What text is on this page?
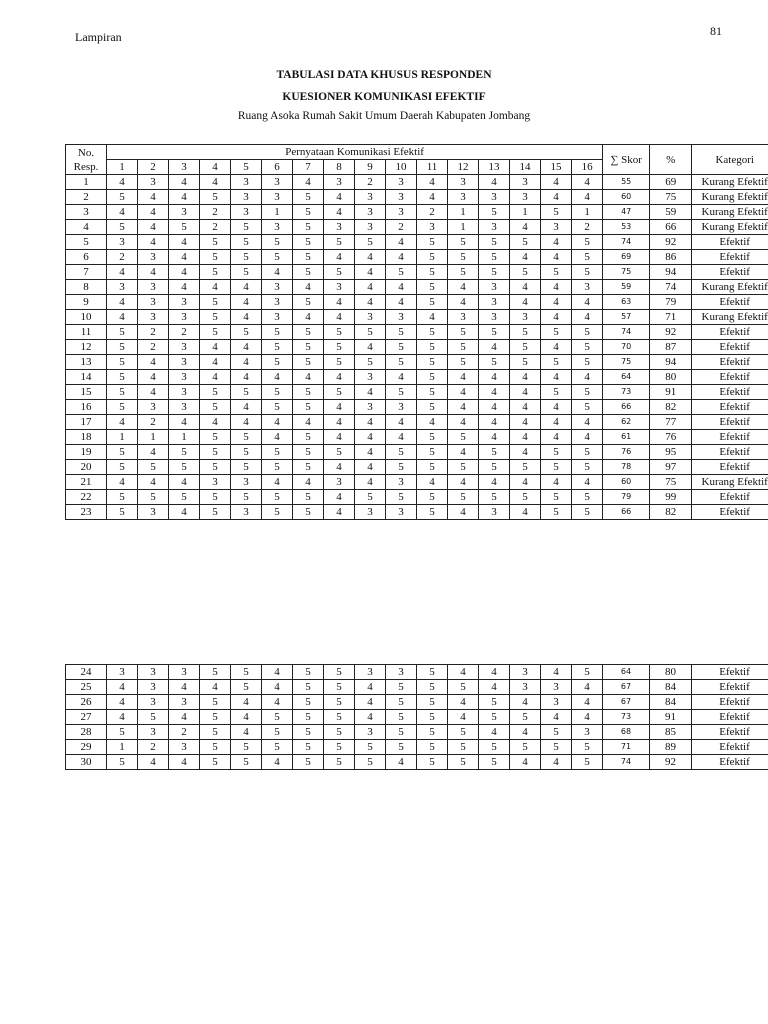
Lampiran	81
TABULASI DATA KHUSUS RESPONDEN
KUESIONER KOMUNIKASI EFEKTIF
Ruang Asoka Rumah Sakit Umum Daerah Kabupaten Jombang
No.
Resp.	Pernyataan Komunikasi Efektif																∑ Skor	%	Kategori
	1	2	3	4	5	6	7	8	9	10	11	12	13	14	15	16			
1	4	3	4	4	3	3	4	3	2	3	4	3	4	3	4	4	55	69	Kurang Efektif
2	5	4	4	5	3	3	5	4	3	3	4	3	3	3	4	4	60	75	Kurang Efektif
3	4	4	3	2	3	1	5	4	3	3	2	1	5	1	5	1	47	59	Kurang Efektif
4	5	4	5	2	5	3	5	3	3	2	3	1	3	4	3	2	53	66	Kurang Efektif
5	3	4	4	5	5	5	5	5	5	4	5	5	5	5	4	5	74	92	Efektif
6	2	3	4	5	5	5	5	4	4	4	5	5	5	4	4	5	69	86	Efektif
7	4	4	4	5	5	4	5	5	4	5	5	5	5	5	5	5	75	94	Efektif
8	3	3	4	4	4	3	4	3	4	4	5	4	3	4	4	3	59	74	Kurang Efektif
9	4	3	3	5	4	3	5	4	4	4	5	4	3	4	4	4	63	79	Efektif
10	4	3	3	5	4	3	4	4	3	3	4	3	3	3	4	4	57	71	Kurang Efektif
11	5	2	2	5	5	5	5	5	5	5	5	5	5	5	5	5	74	92	Efektif
12	5	2	3	4	4	5	5	5	4	5	5	5	4	5	4	5	70	87	Efektif
13	5	4	3	4	4	5	5	5	5	5	5	5	5	5	5	5	75	94	Efektif
14	5	4	3	4	4	4	4	4	3	4	5	4	4	4	4	4	64	80	Efektif
15	5	4	3	5	5	5	5	5	4	5	5	4	4	4	5	5	73	91	Efektif
16	5	3	3	5	4	5	5	4	3	3	5	4	4	4	4	5	66	82	Efektif
17	4	2	4	4	4	4	4	4	4	4	4	4	4	4	4	4	62	77	Efektif
18	1	1	1	5	5	4	5	4	4	4	5	5	4	4	4	4	61	76	Efektif
19	5	4	5	5	5	5	5	5	4	5	5	4	5	4	5	5	76	95	Efektif
20	5	5	5	5	5	5	5	4	4	5	5	5	5	5	5	5	78	97	Efektif
21	4	4	4	3	3	4	4	3	4	3	4	4	4	4	4	4	60	75	Kurang Efektif
22	5	5	5	5	5	5	5	4	5	5	5	5	5	5	5	5	79	99	Efektif
23	5	3	4	5	3	5	5	4	3	3	5	4	3	4	5	5	66	82	Efektif
24	3	3	3	5	5	4	5	5	3	3	5	4	4	3	4	5	64	80	Efektif
25	4	3	4	4	5	4	5	5	4	5	5	5	4	3	3	4	67	84	Efektif
26	4	3	3	5	4	4	5	5	4	5	5	4	5	4	3	4	67	84	Efektif
27	4	5	4	5	4	5	5	5	4	5	5	4	5	5	4	4	73	91	Efektif
28	5	3	2	5	4	5	5	5	3	5	5	5	4	4	5	3	68	85	Efektif
29	1	2	3	5	5	5	5	5	5	5	5	5	5	5	5	5	71	89	Efektif
30	5	4	4	5	5	4	5	5	5	4	5	5	5	4	4	5	74	92	Efektif
